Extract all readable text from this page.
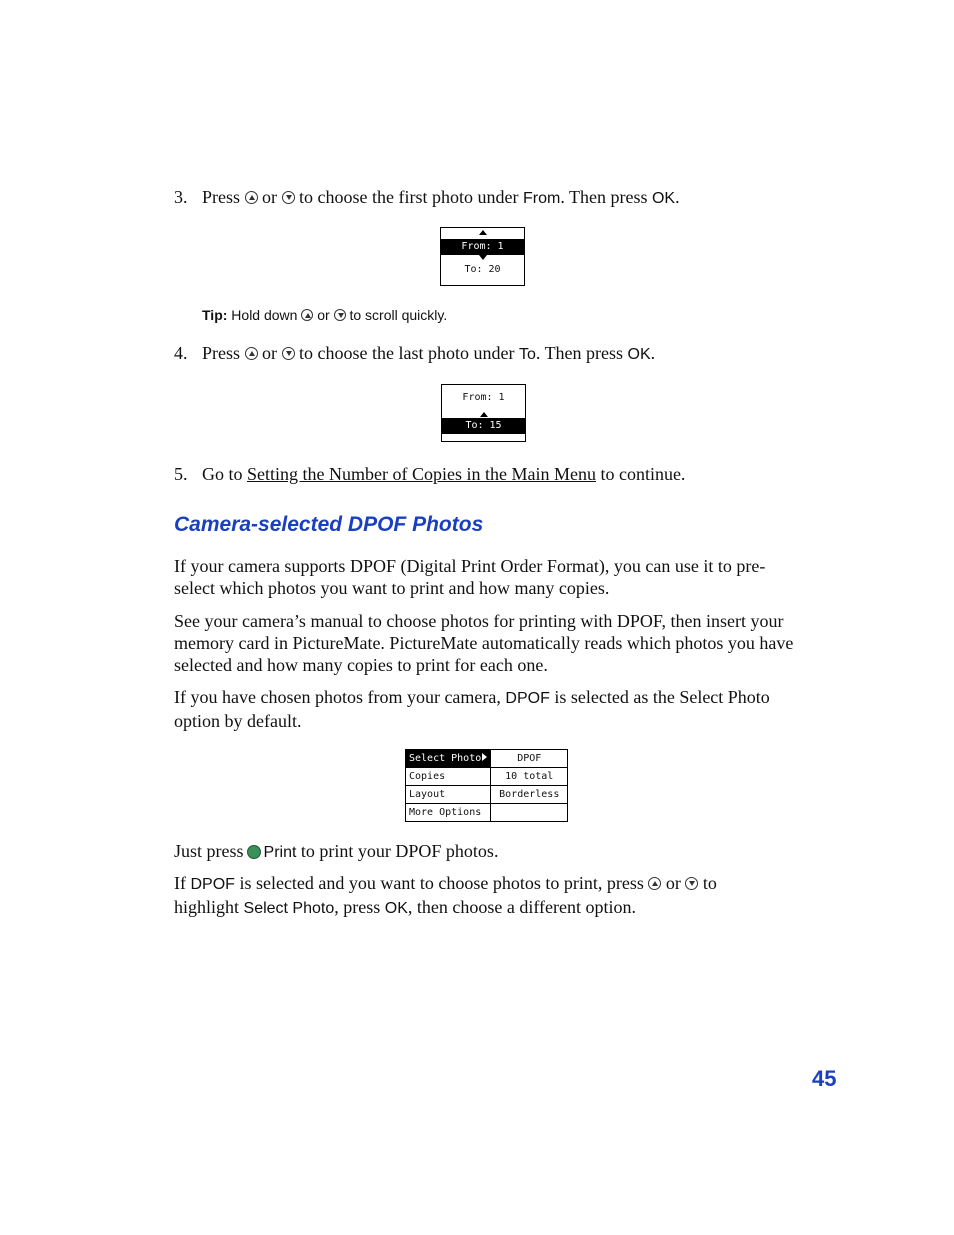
3. Press or to choose the first photo under From. Then press OK.
From: 1
To: 20
Tip: Hold down or to scroll quickly.
4. Press or to choose the last photo under To. Then press OK.
From: 1
To: 15
5. Go to Setting the Number of Copies in the Main Menu to continue.
Camera-selected DPOF Photos

If your camera supports DPOF (Digital Print Order Format), you can use it to pre-select which photos you want to print and how many copies.

See your camera’s manual to choose photos for printing with DPOF, then insert your memory card in PictureMate. PictureMate automatically reads which photos you have selected and how many copies to print for each one.

If you have chosen photos from your camera, DPOF is selected as the Select Photo option by default.

Select Photo	DPOF
Copies	10 total
Layout	Borderless
More Options	
Just press Print to print your DPOF photos.

If DPOF is selected and you want to choose photos to print, press or to highlight Select Photo, press OK, then choose a different option.

45
